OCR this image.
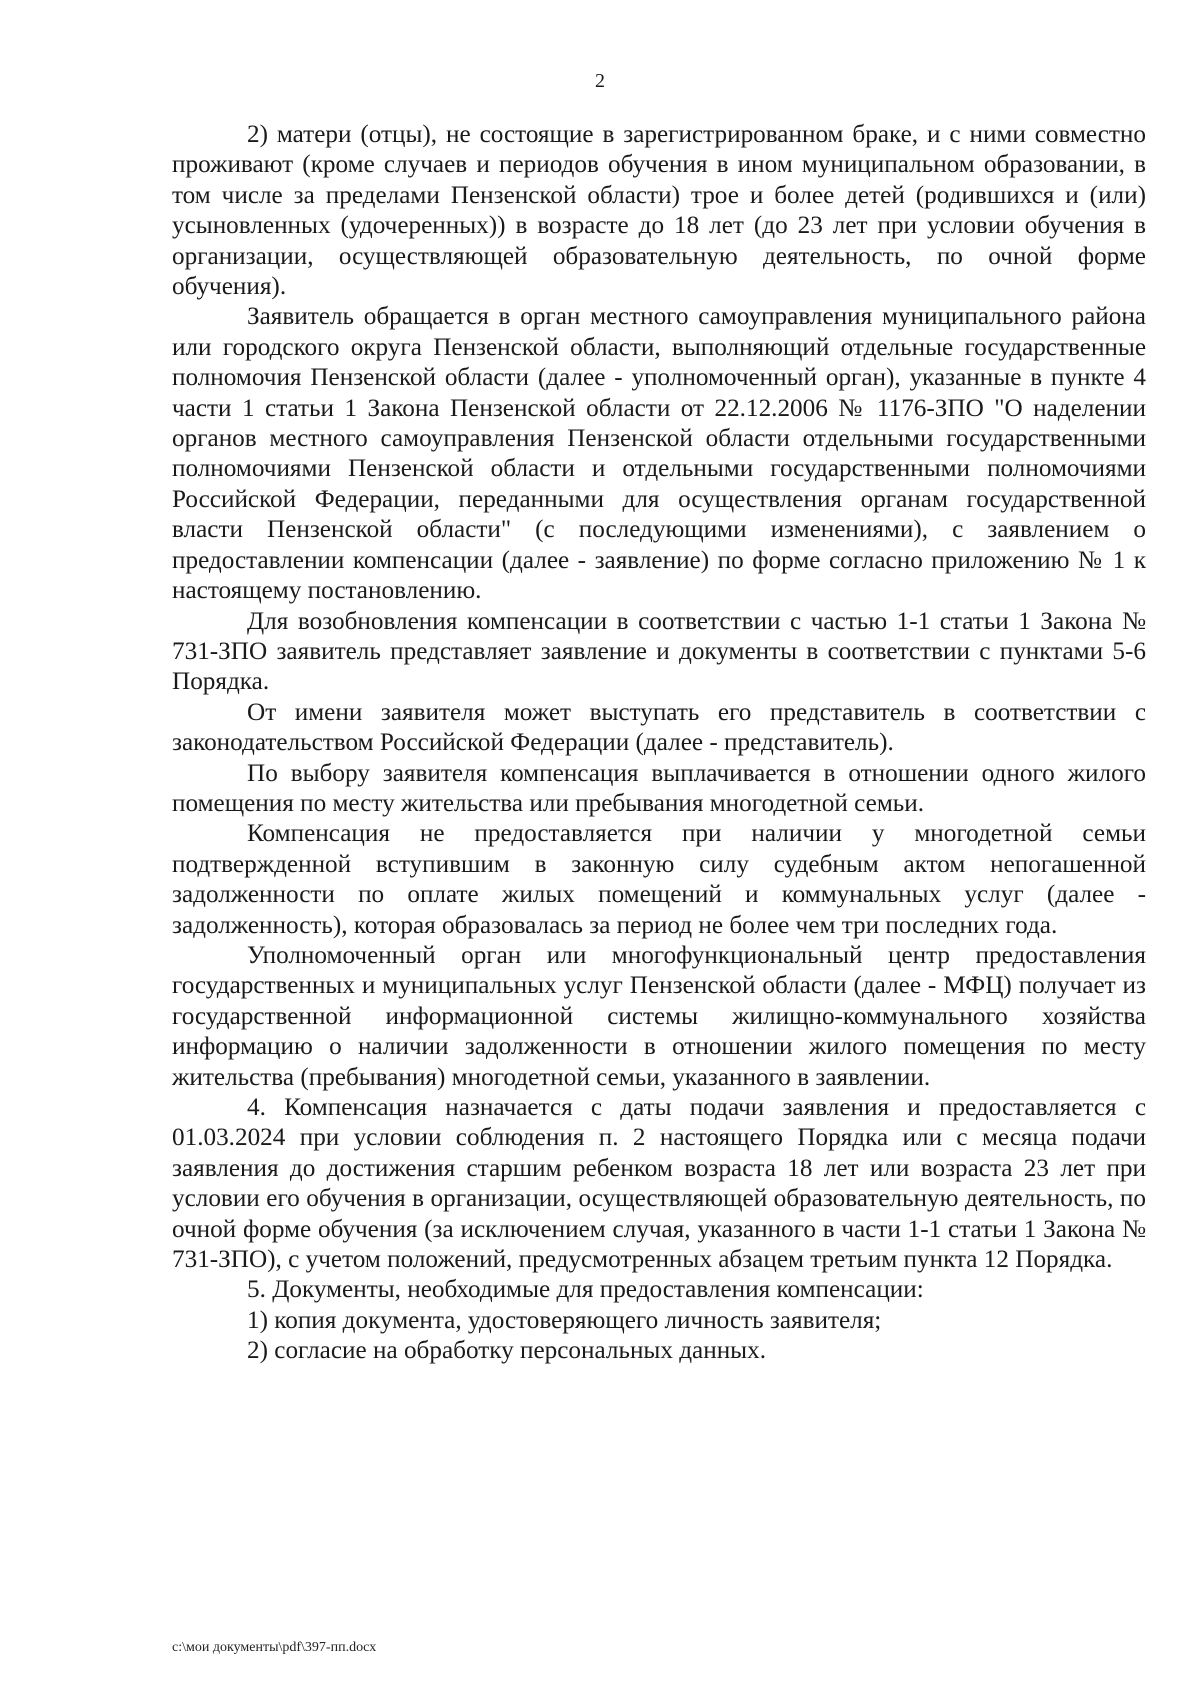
2

2) матери (отцы), не состоящие в зарегистрированном браке, и с ними совместно проживают (кроме случаев и периодов обучения в ином муниципальном образовании, в том числе за пределами Пензенской области) трое и более детей (родившихся и (или) усыновленных (удочеренных)) в возрасте до 18 лет (до 23 лет при условии обучения в организации, осуществляющей образовательную деятельность, по очной форме обучения).

Заявитель обращается в орган местного самоуправления муниципального района или городского округа Пензенской области, выполняющий отдельные государственные полномочия Пензенской области (далее - уполномоченный орган), указанные в пункте 4 части 1 статьи 1 Закона Пензенской области от 22.12.2006 № 1176-ЗПО "О наделении органов местного самоуправления Пензенской области отдельными государственными полномочиями Пензенской области и отдельными государственными полномочиями Российской Федерации, переданными для осуществления органам государственной власти Пензенской области" (с последующими изменениями), с заявлением о предоставлении компенсации (далее - заявление) по форме согласно приложению № 1 к настоящему постановлению.

Для возобновления компенсации в соответствии с частью 1-1 статьи 1 Закона № 731-ЗПО заявитель представляет заявление и документы в соответствии с пунктами 5-6 Порядка.

От имени заявителя может выступать его представитель в соответствии с законодательством Российской Федерации (далее - представитель).

По выбору заявителя компенсация выплачивается в отношении одного жилого помещения по месту жительства или пребывания многодетной семьи.

Компенсация не предоставляется при наличии у многодетной семьи подтвержденной вступившим в законную силу судебным актом непогашенной задолженности по оплате жилых помещений и коммунальных услуг (далее - задолженность), которая образовалась за период не более чем три последних года.

Уполномоченный орган или многофункциональный центр предоставления государственных и муниципальных услуг Пензенской области (далее - МФЦ) получает из государственной информационной системы жилищно-коммунального хозяйства информацию о наличии задолженности в отношении жилого помещения по месту жительства (пребывания) многодетной семьи, указанного в заявлении.

4. Компенсация назначается с даты подачи заявления и предоставляется с 01.03.2024 при условии соблюдения п. 2 настоящего Порядка или с месяца подачи заявления до достижения старшим ребенком возраста 18 лет или возраста 23 лет при условии его обучения в организации, осуществляющей образовательную деятельность, по очной форме обучения (за исключением случая, указанного в части 1-1 статьи 1 Закона № 731-ЗПО), с учетом положений, предусмотренных абзацем третьим пункта 12 Порядка.

5. Документы, необходимые для предоставления компенсации:

1) копия документа, удостоверяющего личность заявителя;

2) согласие на обработку персональных данных.

c:\мои документы\pdf\397-пп.docx
